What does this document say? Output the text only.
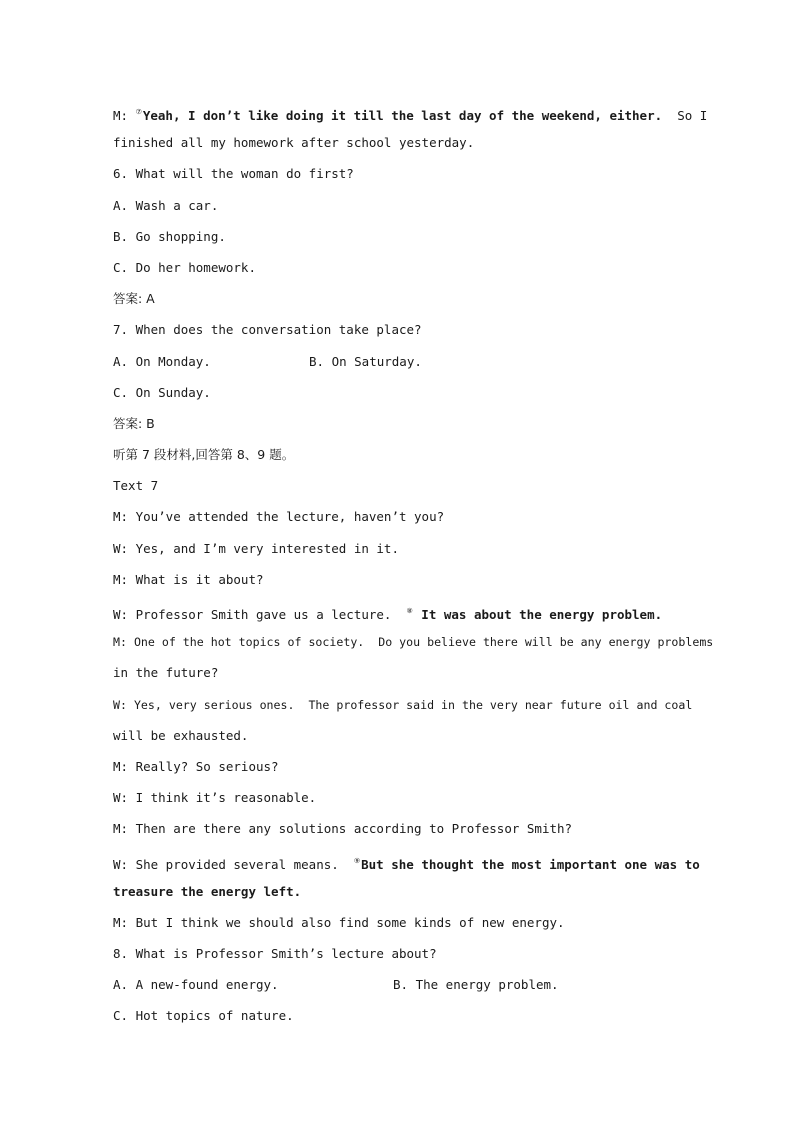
M: ⑦Yeah, I don’t like doing it till the last day of the weekend, either.  So I
finished all my homework after school yesterday.
6. What will the woman do first?
A. Wash a car.
B. Go shopping.
C. Do her homework.
答案: A
7. When does the conversation take place?
A. On Monday.	B. On Saturday.
C. On Sunday.
答案: B
听第 7 段材料,回答第 8、9 题。
Text 7
M: You’ve attended the lecture, haven’t you?
W: Yes, and I’m very interested in it.
M: What is it about?
W: Professor Smith gave us a lecture.  ⑧ It was about the energy problem.
M: One of the hot topics of society.  Do you believe there will be any energy problems
in the future?
W: Yes, very serious ones.  The professor said in the very near future oil and coal
will be exhausted.
M: Really? So serious?
W: I think it’s reasonable.
M: Then are there any solutions according to Professor Smith?
W: She provided several means.  ⑨But she thought the most important one was to
treasure the energy left.
M: But I think we should also find some kinds of new energy.
8. What is Professor Smith’s lecture about?
A. A new-found energy.	B. The energy problem.
C. Hot topics of nature.
